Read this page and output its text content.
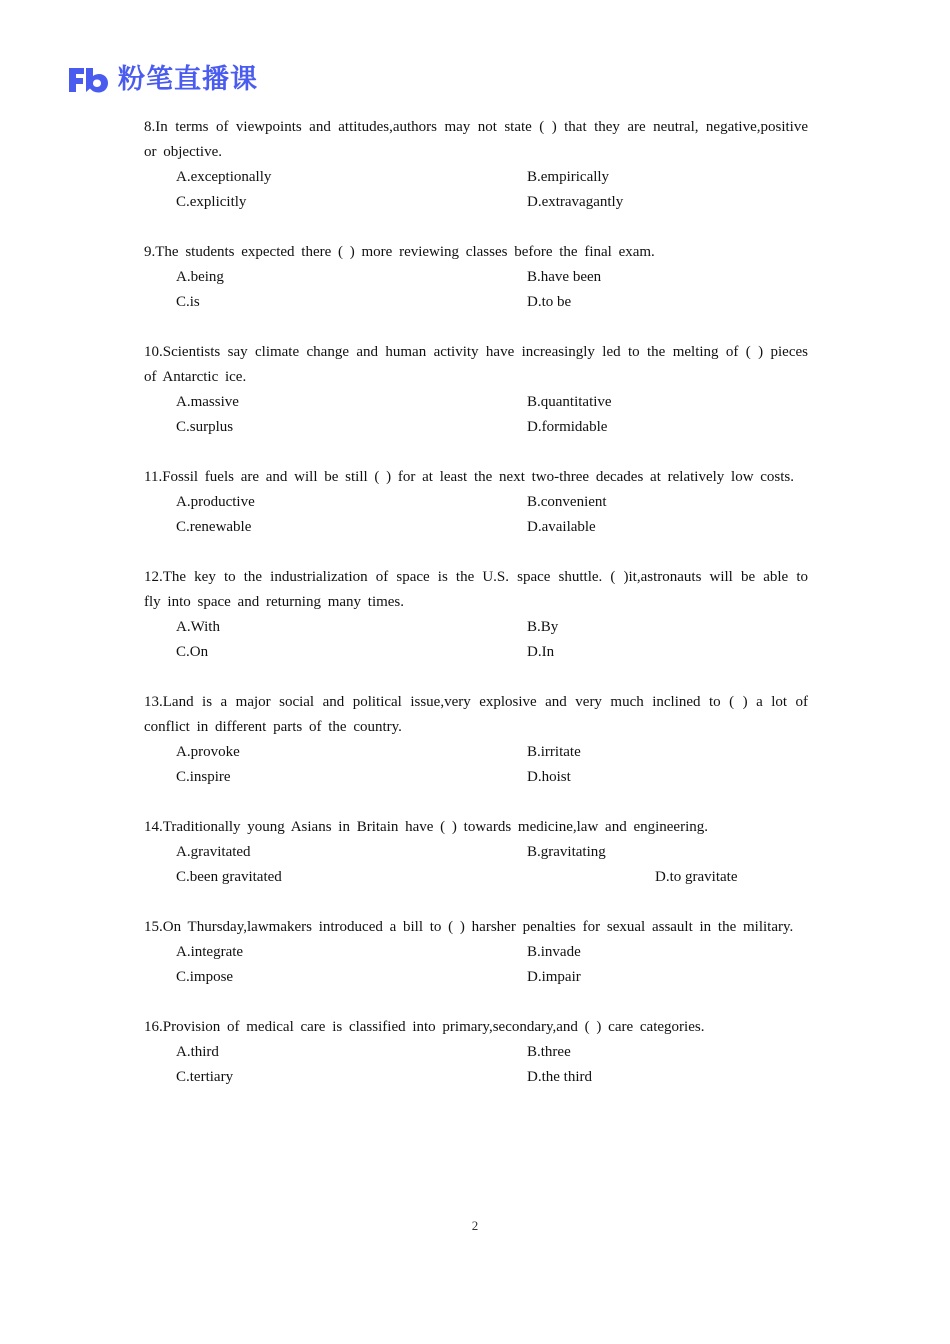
粉笔直播课

8.In terms of viewpoints and attitudes,authors may not state ( ) that they are neutral, negative,positive or objective.

A.exceptionally	B.empirically
C.explicitly	D.extravagantly

9.The students expected there ( ) more reviewing classes before the final exam.

A.being	B.have been
C.is	D.to be

10.Scientists say climate change and human activity have increasingly led to the melting of ( ) pieces of Antarctic ice.

A.massive	B.quantitative
C.surplus	D.formidable

11.Fossil fuels are and will be still ( ) for at least the next two-three decades at relatively low costs.

A.productive	B.convenient
C.renewable	D.available

12.The key to the industrialization of space is the U.S. space shuttle. ( )it,astronauts will be able to fly into space and returning many times.

A.With	B.By
C.On	D.In

13.Land is a major social and political issue,very explosive and very much inclined to ( ) a lot of conflict in different parts of the country.

A.provoke	B.irritate
C.inspire	D.hoist

14.Traditionally young Asians in Britain have ( ) towards medicine,law and engineering.

A.gravitated	B.gravitating
C.been gravitated	D.to gravitate

15.On Thursday,lawmakers introduced a bill to ( ) harsher penalties for sexual assault in the military.

A.integrate	B.invade
C.impose	D.impair

16.Provision of medical care is classified into primary,secondary,and ( ) care categories.

A.third	B.three
C.tertiary	D.the third
2
